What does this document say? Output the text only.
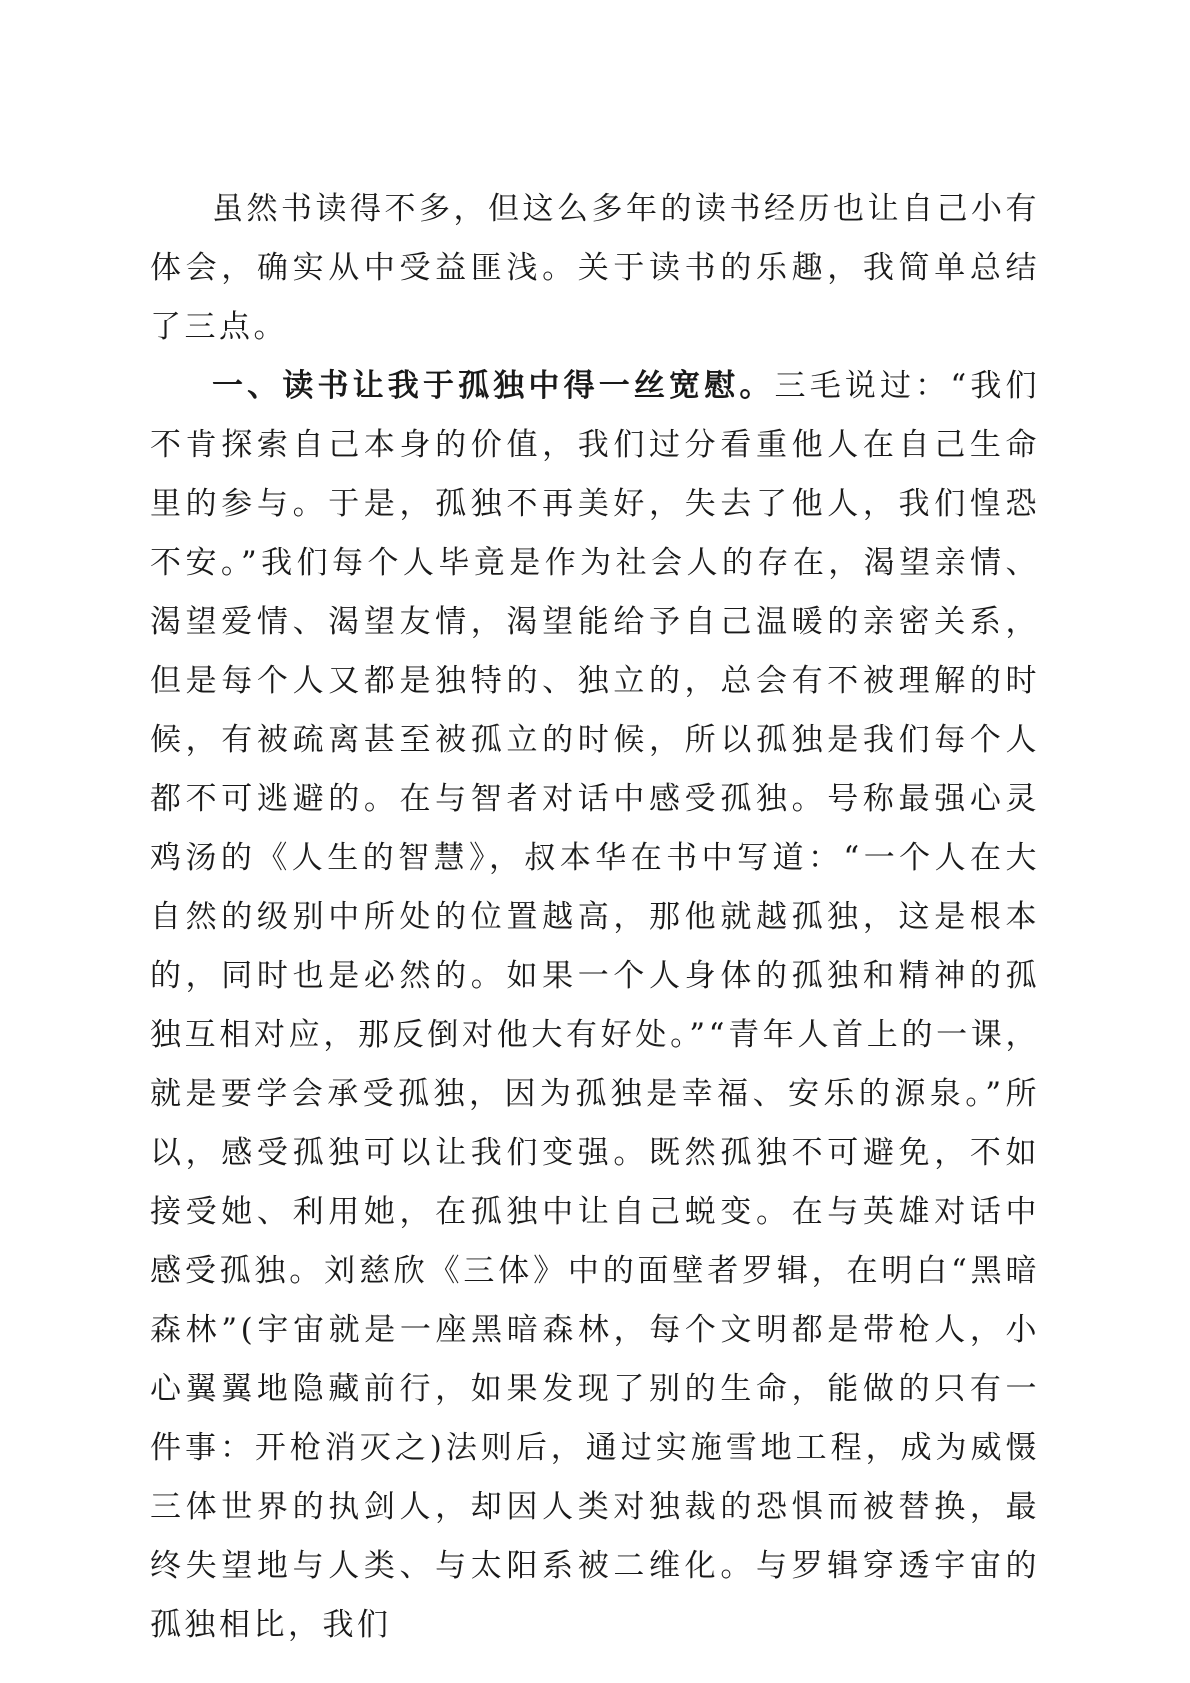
虽然书读得不多，但这么多年的读书经历也让自己小有体会，确实从中受益匪浅。关于读书的乐趣，我简单总结了三点。

一、读书让我于孤独中得一丝宽慰。三毛说过：“我们不肯探索自己本身的价值，我们过分看重他人在自己生命里的参与。于是，孤独不再美好，失去了他人，我们惶恐不安。”我们每个人毕竟是作为社会人的存在，渴望亲情、渴望爱情、渴望友情，渴望能给予自己温暖的亲密关系，但是每个人又都是独特的、独立的，总会有不被理解的时候，有被疏离甚至被孤立的时候，所以孤独是我们每个人都不可逃避的。在与智者对话中感受孤独。号称最强心灵鸡汤的《人生的智慧》，叔本华在书中写道：“一个人在大自然的级别中所处的位置越高，那他就越孤独，这是根本的，同时也是必然的。如果一个人身体的孤独和精神的孤独互相对应，那反倒对他大有好处。”“青年人首上的一课，就是要学会承受孤独，因为孤独是幸福、安乐的源泉。”所以，感受孤独可以让我们变强。既然孤独不可避免，不如接受她、利用她，在孤独中让自己蜕变。在与英雄对话中感受孤独。刘慈欣《三体》中的面壁者罗辑，在明白“黑暗森林”(宇宙就是一座黑暗森林，每个文明都是带枪人，小心翼翼地隐藏前行，如果发现了别的生命，能做的只有一件事：开枪消灭之)法则后，通过实施雪地工程，成为威慑三体世界的执剑人，却因人类对独裁的恐惧而被替换，最终失望地与人类、与太阳系被二维化。与罗辑穿透宇宙的孤独相比，我们
